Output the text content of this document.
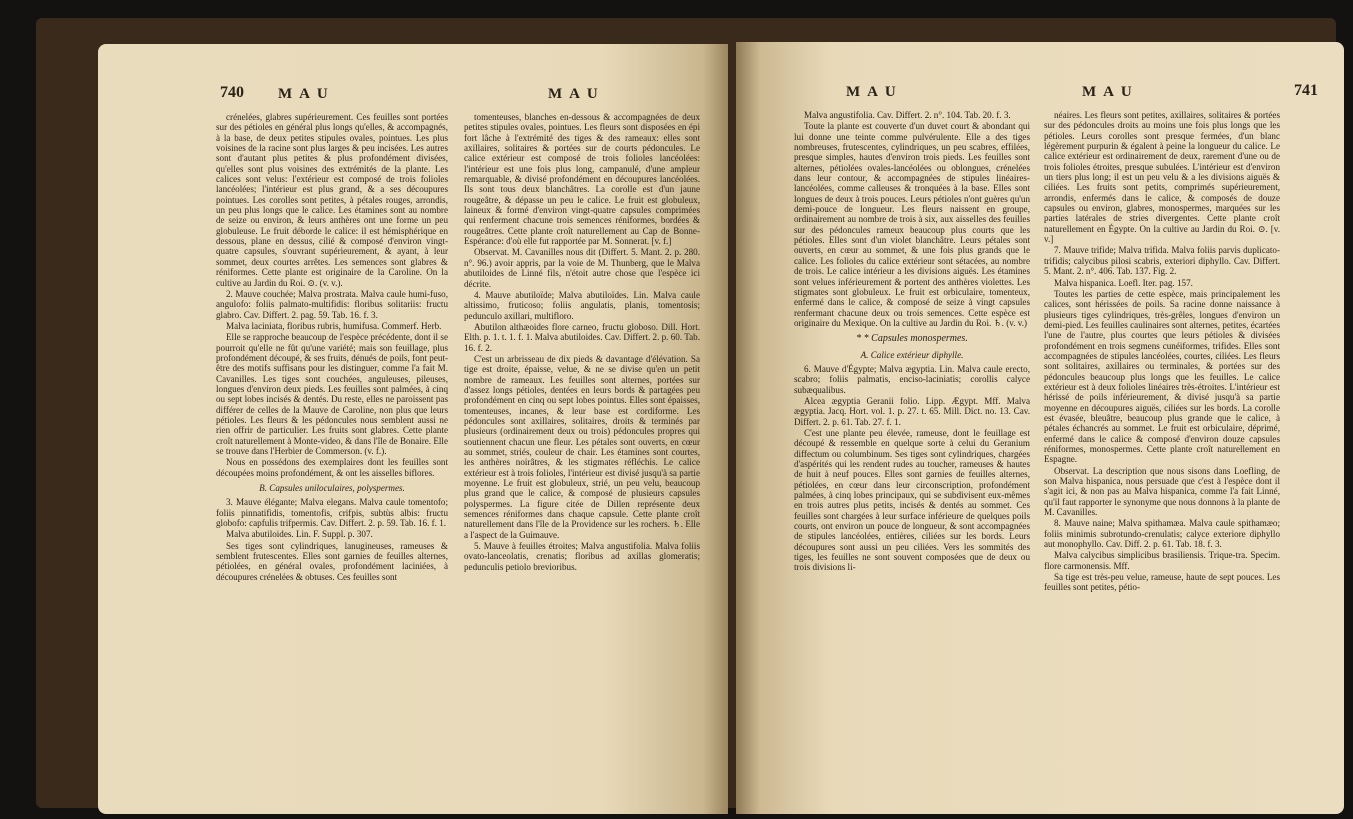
740 M A U	M A U

crénelées, glabres supérieurement. Ces feuilles sont portées sur des pétioles en général plus longs qu'elles, & accompagnés, à la base, de deux petites stipules ovales, pointues. Les plus voisines de la racine sont plus larges & peu incisées. Les autres sont d'autant plus petites & plus profondément divisées, qu'elles sont plus voisines des extrémités de la plante. Les calices sont velus: l'extérieur est composé de trois folioles lancéolées; l'intérieur est plus grand, & a ses découpures pointues. Les corolles sont petites, à pétales rouges, arrondis, un peu plus longs que le calice. Les étamines sont au nombre de seize ou environ, & leurs anthères ont une forme un peu globuleuse. Le fruit déborde le calice: il est hémisphérique en dessous, plane en dessus, cilié & composé d'environ vingt-quatre capsules, s'ouvrant supérieurement, & ayant, à leur sommet, deux courtes arrêtes. Les semences sont glabres & réniformes. Cette plante est originaire de la Caroline. On la cultive au Jardin du Roi. ⊙. (v. v.).

2. Mauve couchée; Malva prostrata. Malva caule humi-fuso, angulofo: foliis palmato-multifidis: floribus solitariis: fructu glabro. Cav. Differt. 2. pag. 59. Tab. 16. f. 3.

Malva laciniata, floribus rubris, humifusa. Commerf. Herb.

Elle se rapproche beaucoup de l'espèce précédente, dont il se pourroit qu'elle ne fût qu'une variété; mais son feuillage, plus profondément découpé, & ses fruits, dénués de poils, font peut-être des motifs suffisans pour les distinguer, comme l'a fait M. Cavanilles. Les tiges sont couchées, anguleuses, pileuses, longues d'environ deux pieds. Les feuilles sont palmées, à cinq ou sept lobes incisés & dentés. Du reste, elles ne paroissent pas différer de celles de la Mauve de Caroline, non plus que leurs pétioles. Les fleurs & les pédoncules nous semblent aussi ne rien offrir de particulier. Les fruits sont glabres. Cette plante croît naturellement à Monte-video, & dans l'île de Bonaire. Elle se trouve dans l'Herbier de Commerson. (v. f.).

Nous en possédons des exemplaires dont les feuilles sont découpées moins profondément, & ont les aisselles biflores.

B. Capsules uniloculaires, polyspermes.

3. Mauve élégante; Malva elegans. Malva caule tomentofo; foliis pinnatifidis, tomentofis, crifpis, subtùs albis: fructu globofo: capfulis trifpermis. Cav. Differt. 2. p. 59. Tab. 16. f. 1.

Malva abutiloides. Lin. F. Suppl. p. 307.

Ses tiges sont cylindriques, lanugineuses, rameuses & semblent frutescentes. Elles sont garnies de feuilles alternes, pétiolées, en général ovales, profondément laciniées, à découpures crénelées & obtuses. Ces feuilles sont

tomenteuses, blanches en-dessous & accompagnées de deux petites stipules ovales, pointues. Les fleurs sont disposées en épi fort lâche à l'extrémité des tiges & des rameaux: elles sont axillaires, solitaires & portées sur de courts pédoncules. Le calice extérieur est composé de trois folioles lancéolées: l'intérieur est une fois plus long, campanulé, d'une ampleur remarquable, & divisé profondément en découpures lancéolées. Ils sont tous deux blanchâtres. La corolle est d'un jaune rougeâtre, & dépasse un peu le calice. Le fruit est globuleux, laineux & formé d'environ vingt-quatre capsules comprimées qui renferment chacune trois semences réniformes, bordées & rougeâtres. Cette plante croît naturellement au Cap de Bonne-Espérance: d'où elle fut rapportée par M. Sonnerat. [v. f.]

Observat. M. Cavanilles nous dit (Differt. 5. Mant. 2. p. 280. n°. 96.) avoir appris, par la voie de M. Thunberg, que le Malva abutiloides de Linné fils, n'étoit autre chose que l'espèce ici décrite.

4. Mauve abutiloïde; Malva abutiloïdes. Lin. Malva caule altissimo, fruticoso; foliis angulatis, planis, tomentosis; pedunculo axillari, multifloro.

Abutilon althæoides flore carneo, fructu globoso. Dill. Hort. Elth. p. 1. t. 1. f. 1. Malva abutiloides. Cav. Differt. 2. p. 60. Tab. 16. f. 2.

C'est un arbrisseau de dix pieds & davantage d'élévation. Sa tige est droite, épaisse, velue, & ne se divise qu'en un petit nombre de rameaux. Les feuilles sont alternes, portées sur d'assez longs pétioles, dentées en leurs bords & partagées peu profondément en cinq ou sept lobes pointus. Elles sont épaisses, tomenteuses, incanes, & leur base est cordiforme. Les pédoncules sont axillaires, solitaires, droits & terminés par plusieurs (ordinairement deux ou trois) pédoncules propres qui soutiennent chacun une fleur. Les pétales sont ouverts, en cœur au sommet, striés, couleur de chair. Les étamines sont courtes, les anthères noirâtres, & les stigmates réfléchis. Le calice extérieur est à trois folioles, l'intérieur est divisé jusqu'à sa partie moyenne. Le fruit est globuleux, strié, un peu velu, beaucoup plus grand que le calice, & composé de plusieurs capsules polyspermes. La figure citée de Dillen représente deux semences réniformes dans chaque capsule. Cette plante croît naturellement dans l'île de la Providence sur les rochers. ♄. Elle a l'aspect de la Guimauve.

5. Mauve à feuilles étroites; Malva angustifolia. Malva foliis ovato-lanceolatis, crenatis; floribus ad axillas glomeratis; pedunculis petiolo brevioribus.

M A U	M A U	741

Malva angustifolia. Cav. Differt. 2. n°. 104. Tab. 20. f. 3.

Toute la plante est couverte d'un duvet court & abondant qui lui donne une teinte comme pulvérulente. Elle a des tiges nombreuses, frutescentes, cylindriques, un peu scabres, effilées, presque simples, hautes d'environ trois pieds. Les feuilles sont alternes, pétiolées ovales-lancéolées ou oblongues, crénelées dans leur contour, & accompagnées de stipules linéaires-lancéolées, comme calleuses & tronquées à la base. Elles sont longues de deux à trois pouces. Leurs pétioles n'ont guères qu'un demi-pouce de longueur. Les fleurs naissent en groupe, ordinairement au nombre de trois à six, aux aisselles des feuilles sur des pédoncules rameux beaucoup plus courts que les pétioles. Elles sont d'un violet blanchâtre. Leurs pétales sont ouverts, en cœur au sommet, & une fois plus grands que le calice. Les folioles du calice extérieur sont sétacées, au nombre de trois. Le calice intérieur a les divisions aiguës. Les étamines sont velues inférieurement & portent des anthères violettes. Les stigmates sont globuleux. Le fruit est orbiculaire, tomenteux, enfermé dans le calice, & composé de seize à vingt capsules renfermant chacune deux ou trois semences. Cette espèce est originaire du Mexique. On la cultive au Jardin du Roi. ♄. (v. v.)

* * Capsules monospermes.

A. Calice extérieur diphylle.

6. Mauve d'Égypte; Malva ægyptia. Lin. Malva caule erecto, scabro; foliis palmatis, enciso-laciniatis; corollis calyce subæqualibus.

Alcea ægyptia Geranii folio. Lipp. Ægypt. Mff. Malva ægyptia. Jacq. Hort. vol. 1. p. 27. t. 65. Mill. Dict. no. 13. Cav. Differt. 2. p. 61. Tab. 27. f. 1.

C'est une plante peu élevée, rameuse, dont le feuillage est découpé & ressemble en quelque sorte à celui du Geranium diffectum ou columbinum. Ses tiges sont cylindriques, chargées d'aspérités qui les rendent rudes au toucher, rameuses & hautes de huit à neuf pouces. Elles sont garnies de feuilles alternes, pétiolées, en cœur dans leur circonscription, profondément palmées, à cinq lobes principaux, qui se subdivisent eux-mêmes en trois autres plus petits, incisés & dentés au sommet. Ces feuilles sont chargées à leur surface inférieure de quelques poils courts, ont environ un pouce de longueur, & sont accompagnées de stipules lancéolées, entières, ciliées sur les bords. Leurs découpures sont aussi un peu ciliées. Vers les sommités des tiges, les feuilles ne sont souvent composées que de deux ou trois divisions li-

néaires. Les fleurs sont petites, axillaires, solitaires & portées sur des pédoncules droits au moins une fois plus longs que les pétioles. Leurs corolles sont presque fermées, d'un blanc légèrement purpurin & égalent à peine la longueur du calice. Le calice extérieur est ordinairement de deux, rarement d'une ou de trois folioles étroites, presque subulées. L'intérieur est d'environ un tiers plus long; il est un peu velu & a les divisions aiguës & ciliées. Les fruits sont petits, comprimés supérieurement, arrondis, enfermés dans le calice, & composés de douze capsules ou environ, glabres, monospermes, marquées sur les parties latérales de stries divergentes. Cette plante croît naturellement en Égypte. On la cultive au Jardin du Roi. ⊙. [v. v.]

7. Mauve trifide; Malva trifida. Malva foliis parvis duplicato-trifidis; calycibus pilosi scabris, exteriori diphyllo. Cav. Differt. 5. Mant. 2. n°. 406. Tab. 137. Fig. 2.

Malva hispanica. Loefl. Iter. pag. 157.

Toutes les parties de cette espèce, mais principalement les calices, sont hérissées de poils. Sa racine donne naissance à plusieurs tiges cylindriques, très-grêles, longues d'environ un demi-pied. Les feuilles caulinaires sont alternes, petites, écartées l'une de l'autre, plus courtes que leurs pétioles & divisées profondément en trois segmens cunéiformes, trifides. Elles sont accompagnées de stipules lancéolées, courtes, ciliées. Les fleurs sont solitaires, axillaires ou terminales, & portées sur des pédoncules beaucoup plus longs que les feuilles. Le calice extérieur est à deux folioles linéaires très-étroites. L'intérieur est hérissé de poils inférieurement, & divisé jusqu'à sa partie moyenne en découpures aiguës, ciliées sur les bords. La corolle est évasée, bleuâtre, beaucoup plus grande que le calice, à pétales échancrés au sommet. Le fruit est orbiculaire, déprimé, enfermé dans le calice & composé d'environ douze capsules réniformes, monospermes. Cette plante croît naturellement en Espagne.

Observat. La description que nous sisons dans Loefling, de son Malva hispanica, nous persuade que c'est à l'espèce dont il s'agit ici, & non pas au Malva hispanica, comme l'a fait Linné, qu'il faut rapporter le synonyme que nous donnons à la plante de M. Cavanilles.

8. Mauve naine; Malva spithamæa. Malva caule spithamæo; foliis minimis subrotundo-crenulatis; calyce exteriore diphyllo aut monophyllo. Cav. Diff. 2. p. 61. Tab. 18. f. 3.

Malva calycibus simplicibus brasiliensis. Trique-tra. Specim. flore carmonensis. Mff.

Sa tige est très-peu velue, rameuse, haute de sept pouces. Les feuilles sont petites, pétio-
